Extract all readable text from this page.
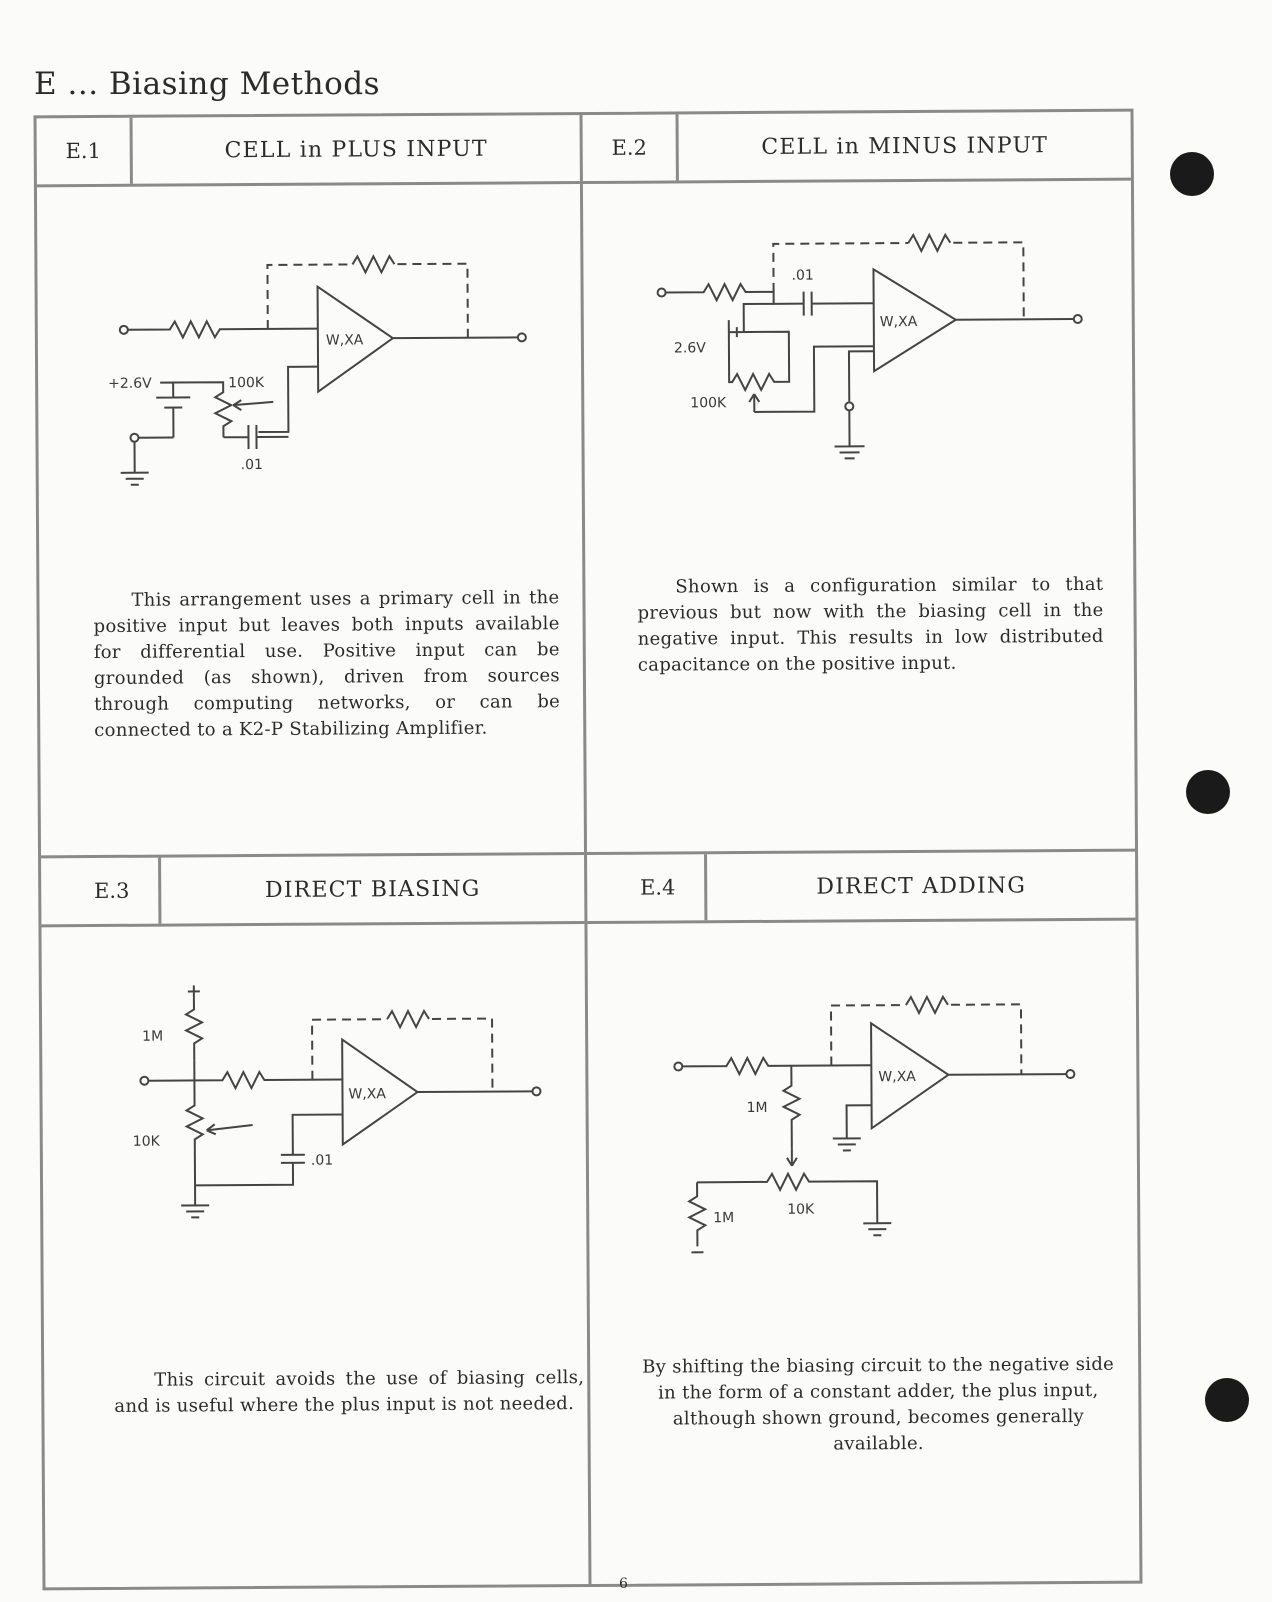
E ... Biasing Methods
E.1	CELL in PLUS INPUT
W,XA
+2.6V	100K
.01
This arrangement uses a primary cell in the positive input but leaves both inputs available for differential use. Positive input can be grounded (as shown), driven from sources through computing networks, or can be connected to a K2-P Stabilizing Amplifier.
E.2	CELL in MINUS INPUT
W,XA
.01
2.6V
100K
Shown is a configuration similar to that previous but now with the biasing cell in the negative input. This results in low distributed capacitance on the positive input.
E.3	DIRECT BIASING
W,XA
1M
10K
.01
This circuit avoids the use of biasing cells, and is useful where the plus input is not needed.
E.4	DIRECT ADDING
W,XA
1M
10K
1M
By shifting the biasing circuit to the negative side in the form of a constant adder, the plus input, although shown ground, becomes generally available.
6
